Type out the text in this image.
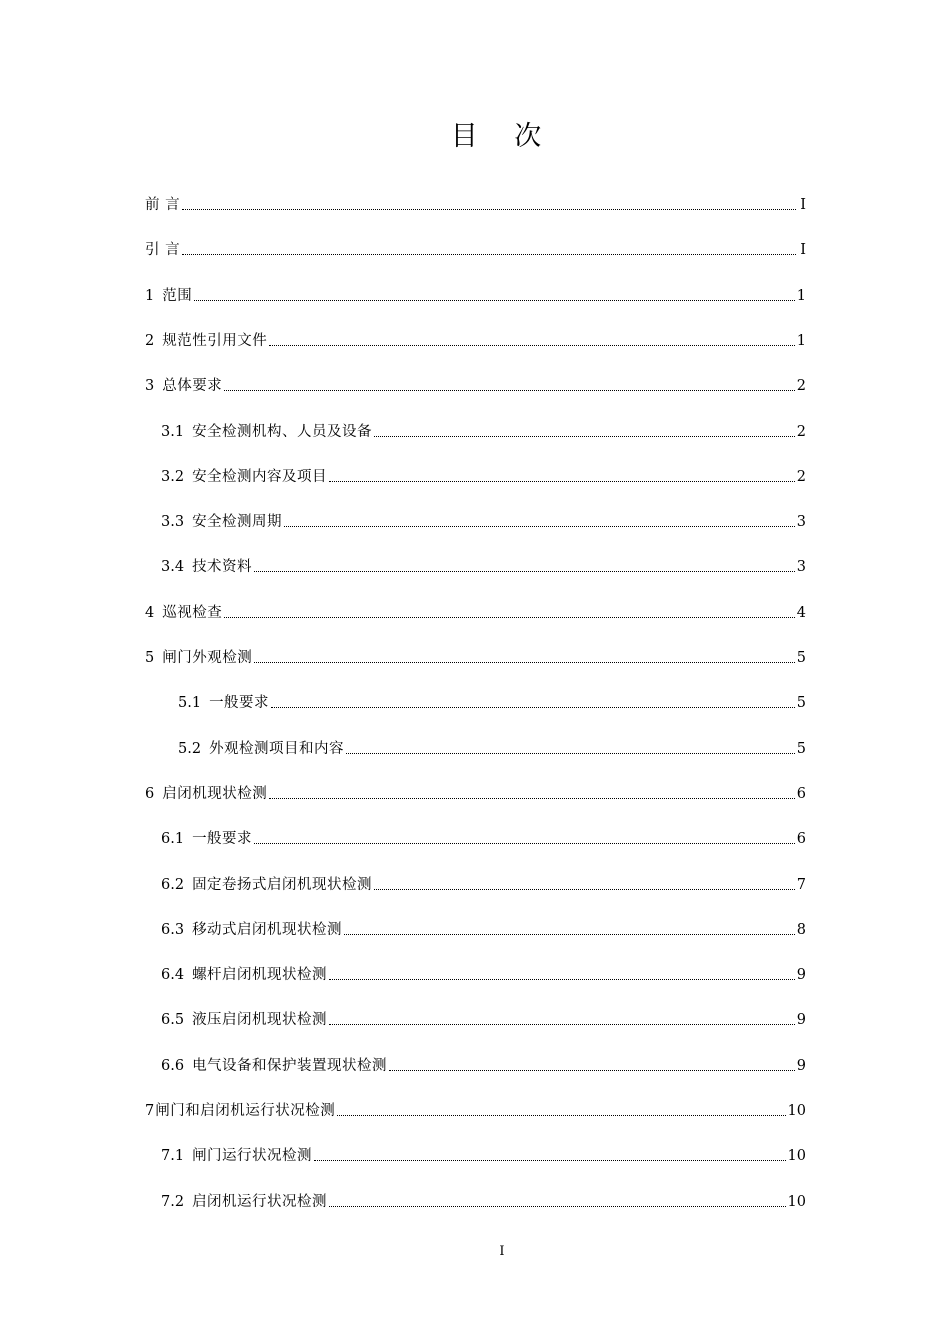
目 次
前 言	I
引 言	I
1 范围	1
2 规范性引用文件	1
3 总体要求	2
3.1 安全检测机构、人员及设备	2
3.2 安全检测内容及项目	2
3.3 安全检测周期	3
3.4 技术资料	3
4 巡视检查	4
5 闸门外观检测	5
5.1 一般要求	5
5.2 外观检测项目和内容	5
6 启闭机现状检测	6
6.1 一般要求	6
6.2 固定卷扬式启闭机现状检测	7
6.3 移动式启闭机现状检测	8
6.4 螺杆启闭机现状检测	9
6.5 液压启闭机现状检测	9
6.6 电气设备和保护装置现状检测	9
7 闸门和启闭机运行状况检测	10
7.1 闸门运行状况检测	10
7.2 启闭机运行状况检测	10
I
